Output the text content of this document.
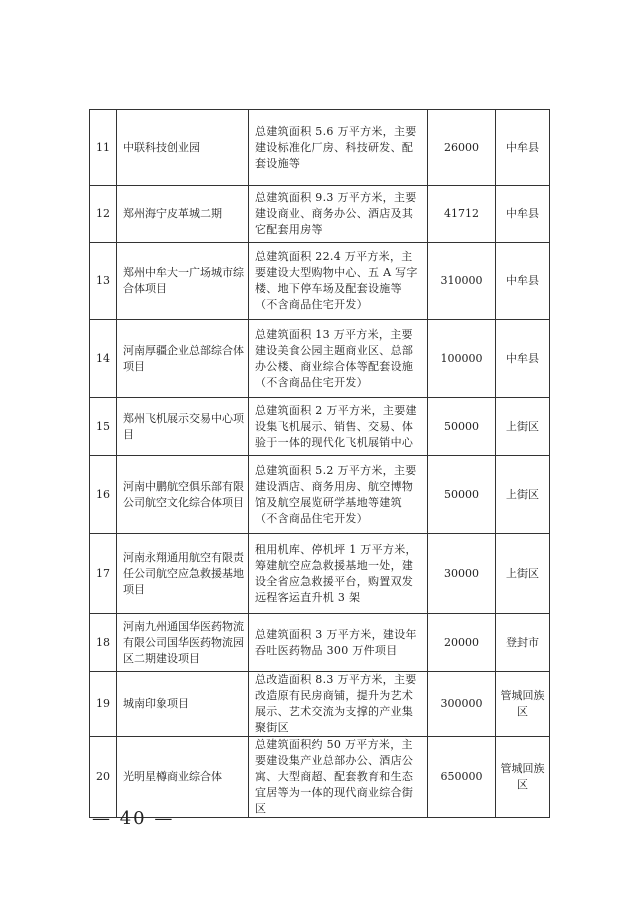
11	中联科技创业园	总建筑面积 5.6 万平方米，主要建设标准化厂房、科技研发、配套设施等	26000	中牟县
12	郑州海宁皮革城二期	总建筑面积 9.3 万平方米，主要建设商业、商务办公、酒店及其它配套用房等	41712	中牟县
13	郑州中牟大一广场城市综合体项目	总建筑面积 22.4 万平方米，主要建设大型购物中心、五 A 写字楼、地下停车场及配套设施等（不含商品住宅开发）	310000	中牟县
14	河南厚疆企业总部综合体项目	总建筑面积 13 万平方米，主要建设美食公园主题商业区、总部办公楼、商业综合体等配套设施（不含商品住宅开发）	100000	中牟县
15	郑州飞机展示交易中心项目	总建筑面积 2 万平方米，主要建设集飞机展示、销售、交易、体验于一体的现代化飞机展销中心	50000	上街区
16	河南中鹏航空俱乐部有限公司航空文化综合体项目	总建筑面积 5.2 万平方米，主要建设酒店、商务用房、航空博物馆及航空展览研学基地等建筑（不含商品住宅开发）	50000	上街区
17	河南永翔通用航空有限责任公司航空应急救援基地项目	租用机库、停机坪 1 万平方米，筹建航空应急救援基地一处，建设全省应急救援平台，购置双发远程客运直升机 3 架	30000	上街区
18	河南九州通国华医药物流有限公司国华医药物流园区二期建设项目	总建筑面积 3 万平方米，建设年吞吐医药物品 300 万件项目	20000	登封市
19	城南印象项目	总改造面积 8.3 万平方米，主要改造原有民房商铺，提升为艺术展示、艺术交流为支撑的产业集聚街区	300000	管城回族区
20	光明星樽商业综合体	总建筑面积约 50 万平方米，主要建设集产业总部办公、酒店公寓、大型商超、配套教育和生态宜居等为一体的现代商业综合街区	650000	管城回族区
— 40 —
